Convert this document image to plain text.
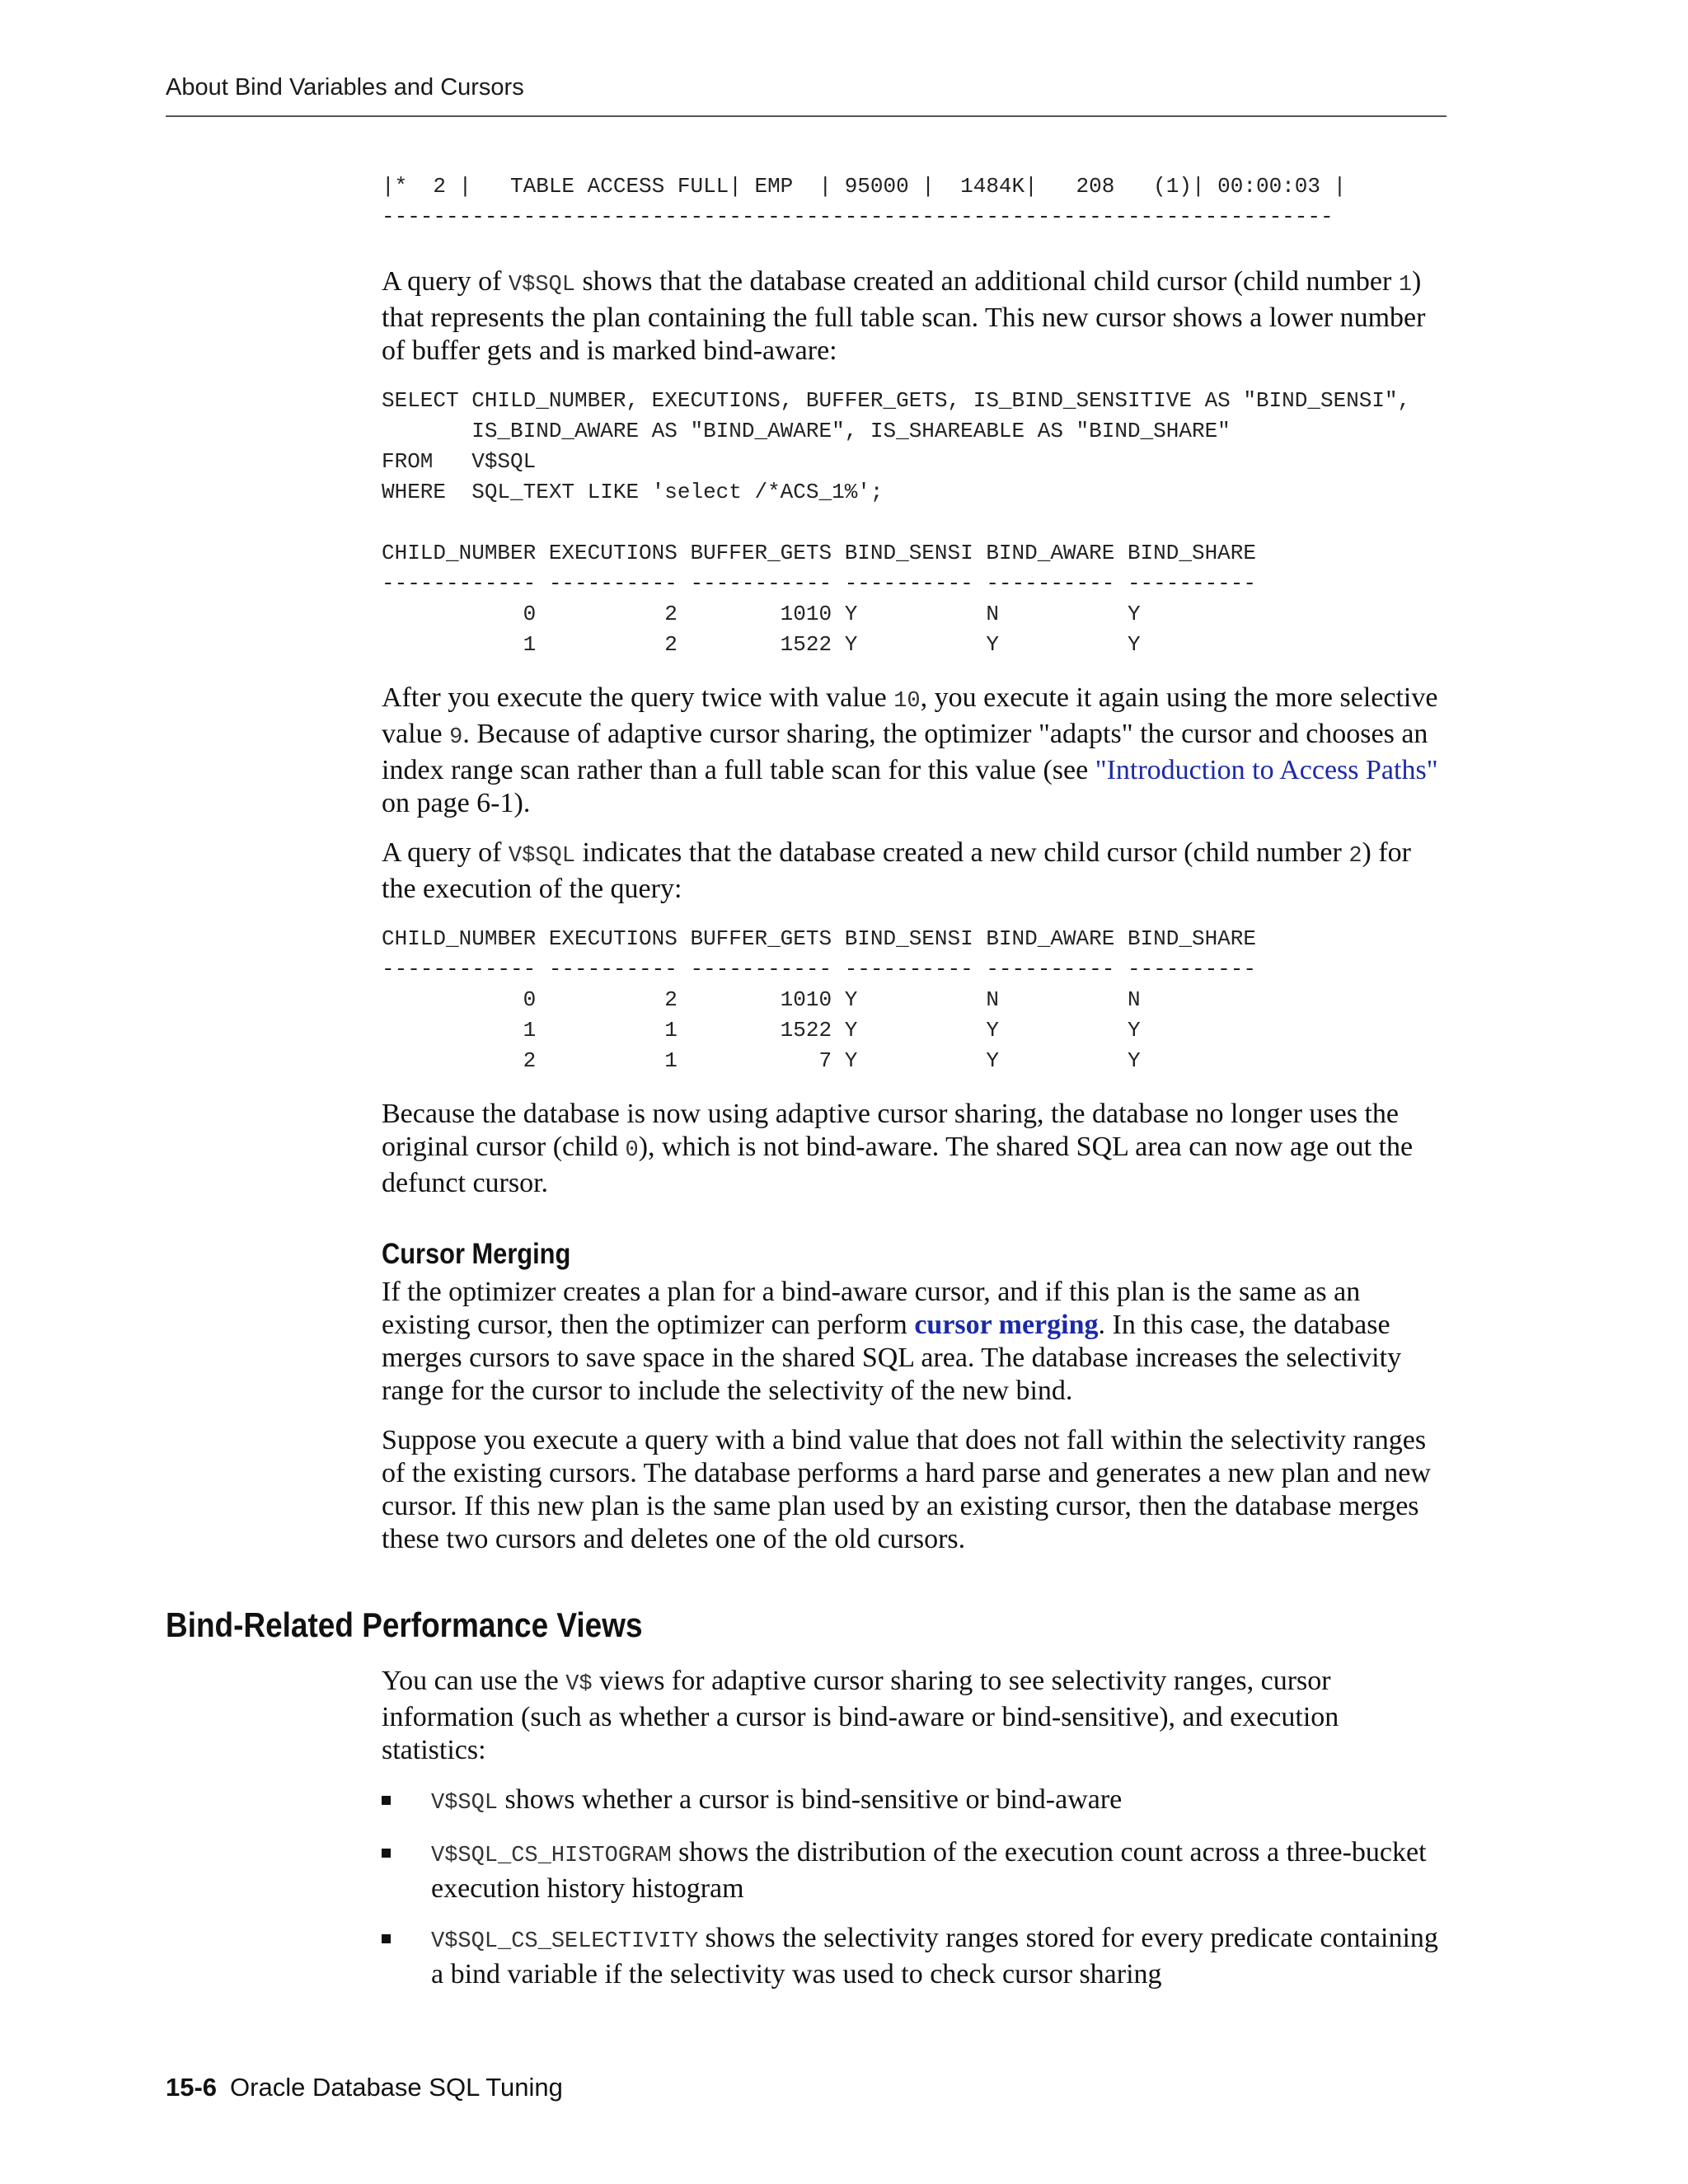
About Bind Variables and Cursors
|*  2 |   TABLE ACCESS FULL| EMP  | 95000 |  1484K|   208   (1)| 00:00:03 |
--------------------------------------------------------------------------

A query of V$SQL shows that the database created an additional child cursor (child number 1) that represents the plan containing the full table scan. This new cursor shows a lower number of buffer gets and is marked bind-aware:

SELECT CHILD_NUMBER, EXECUTIONS, BUFFER_GETS, IS_BIND_SENSITIVE AS "BIND_SENSI",
IS_BIND_AWARE AS "BIND_AWARE", IS_SHAREABLE AS "BIND_SHARE"
FROM   V$SQL
WHERE  SQL_TEXT LIKE 'select /*ACS_1%';

CHILD_NUMBER EXECUTIONS BUFFER_GETS BIND_SENSI BIND_AWARE BIND_SHARE
------------ ---------- ----------- ---------- ---------- ----------
0          2        1010 Y          N          Y
1          2        1522 Y          Y          Y

After you execute the query twice with value 10, you execute it again using the more selective value 9. Because of adaptive cursor sharing, the optimizer "adapts" the cursor and chooses an index range scan rather than a full table scan for this value (see "Introduction to Access Paths" on page 6-1).

A query of V$SQL indicates that the database created a new child cursor (child number 2) for the execution of the query:

CHILD_NUMBER EXECUTIONS BUFFER_GETS BIND_SENSI BIND_AWARE BIND_SHARE
------------ ---------- ----------- ---------- ---------- ----------
0          2        1010 Y          N          N
1          1        1522 Y          Y          Y
2          1           7 Y          Y          Y

Because the database is now using adaptive cursor sharing, the database no longer uses the original cursor (child 0), which is not bind-aware. The shared SQL area can now age out the defunct cursor.

Cursor Merging

If the optimizer creates a plan for a bind-aware cursor, and if this plan is the same as an existing cursor, then the optimizer can perform cursor merging. In this case, the database merges cursors to save space in the shared SQL area. The database increases the selectivity range for the cursor to include the selectivity of the new bind.

Suppose you execute a query with a bind value that does not fall within the selectivity ranges of the existing cursors. The database performs a hard parse and generates a new plan and new cursor. If this new plan is the same plan used by an existing cursor, then the database merges these two cursors and deletes one of the old cursors.

Bind-Related Performance Views

You can use the V$ views for adaptive cursor sharing to see selectivity ranges, cursor information (such as whether a cursor is bind-aware or bind-sensitive), and execution statistics:

V$SQL shows whether a cursor is bind-sensitive or bind-aware
V$SQL_CS_HISTOGRAM shows the distribution of the execution count across a three-bucket execution history histogram
V$SQL_CS_SELECTIVITY shows the selectivity ranges stored for every predicate containing a bind variable if the selectivity was used to check cursor sharing
15-6 Oracle Database SQL Tuning
